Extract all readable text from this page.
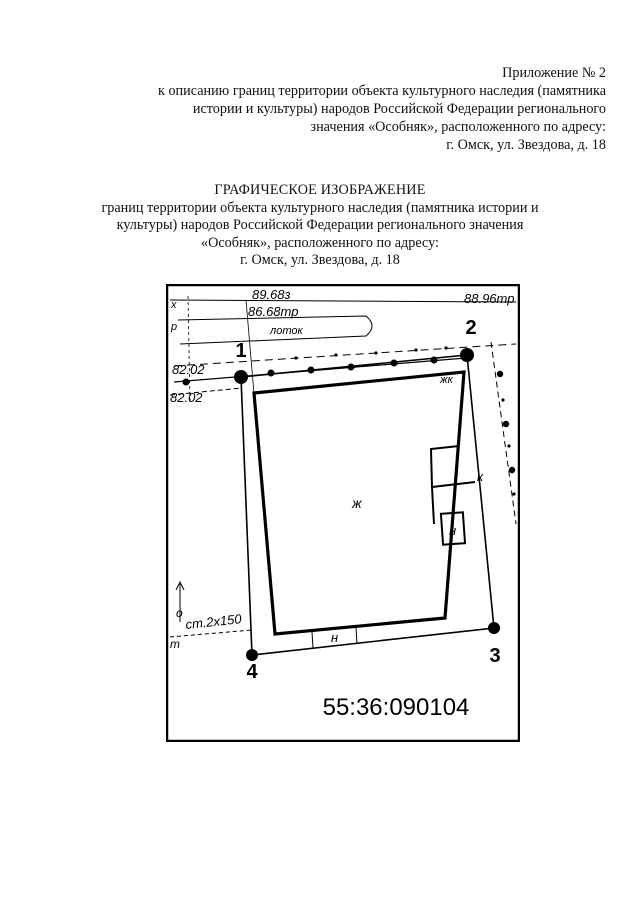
Приложение № 2
к описанию границ территории объекта культурного наследия (памятника
истории и культуры) народов Российской Федерации регионального
значения «Особняк», расположенного по адресу:
г. Омск, ул. Звездова, д. 18
ГРАФИЧЕСКОЕ ИЗОБРАЖЕНИЕ
границ территории объекта культурного наследия (памятника истории и
культуры) народов Российской Федерации регионального значения
«Особняк», расположенного по адресу:
г. Омск, ул. Звездова, д. 18
1
2
3
4
89.68з
86.68тр
88.96тр
лоток
82.02
82.02
ж
н
н
к
жк
х
р
о
т
ст.2х150
55:36:090104
